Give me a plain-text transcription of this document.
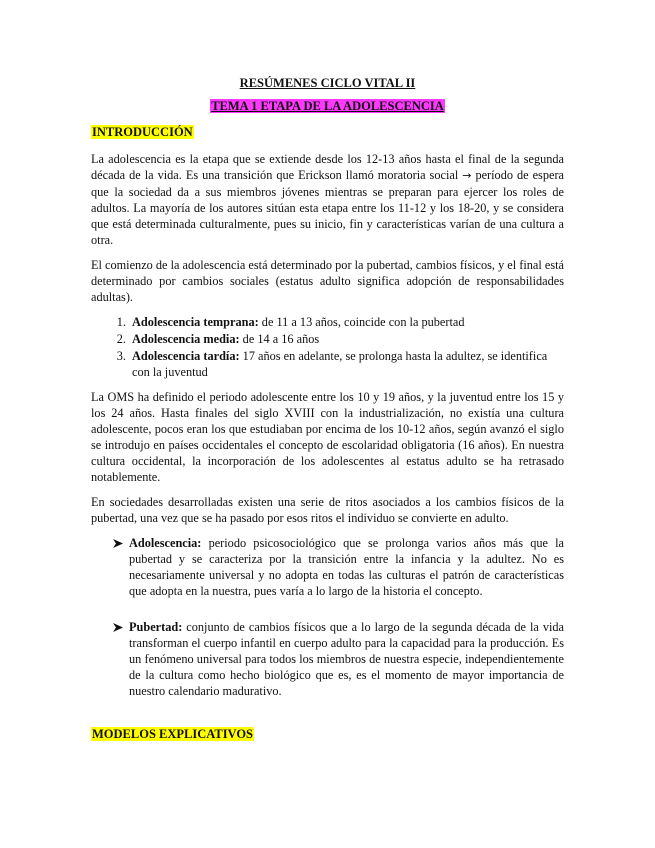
RESÚMENES CICLO VITAL II
TEMA 1 ETAPA DE LA ADOLESCENCIA
INTRODUCCIÓN

La adolescencia es la etapa que se extiende desde los 12-13 años hasta el final de la segunda década de la vida. Es una transición que Erickson llamó moratoria social → período de espera que la sociedad da a sus miembros jóvenes mientras se preparan para ejercer los roles de adultos. La mayoría de los autores sitúan esta etapa entre los 11-12 y los 18-20, y se considera que está determinada culturalmente, pues su inicio, fin y características varían de una cultura a otra.

El comienzo de la adolescencia está determinado por la pubertad, cambios físicos, y el final está determinado por cambios sociales (estatus adulto significa adopción de responsabilidades adultas).

1. Adolescencia temprana: de 11 a 13 años, coincide con la pubertad
2. Adolescencia media: de 14 a 16 años
3. Adolescencia tardía: 17 años en adelante, se prolonga hasta la adultez, se identifica con la juventud

La OMS ha definido el periodo adolescente entre los 10 y 19 años, y la juventud entre los 15 y los 24 años. Hasta finales del siglo XVIII con la industrialización, no existía una cultura adolescente, pocos eran los que estudiaban por encima de los 10-12 años, según avanzó el siglo se introdujo en países occidentales el concepto de escolaridad obligatoria (16 años). En nuestra cultura occidental, la incorporación de los adolescentes al estatus adulto se ha retrasado notablemente.

En sociedades desarrolladas existen una serie de ritos asociados a los cambios físicos de la pubertad, una vez que se ha pasado por esos ritos el individuo se convierte en adulto.

Adolescencia: periodo psicosociológico que se prolonga varios años más que la pubertad y se caracteriza por la transición entre la infancia y la adultez. No es necesariamente universal y no adopta en todas las culturas el patrón de características que adopta en la nuestra, pues varía a lo largo de la historia el concepto.
Pubertad: conjunto de cambios físicos que a lo largo de la segunda década de la vida transforman el cuerpo infantil en cuerpo adulto para la capacidad para la producción. Es un fenómeno universal para todos los miembros de nuestra especie, independientemente de la cultura como hecho biológico que es, es el momento de mayor importancia de nuestro calendario madurativo.
MODELOS EXPLICATIVOS
